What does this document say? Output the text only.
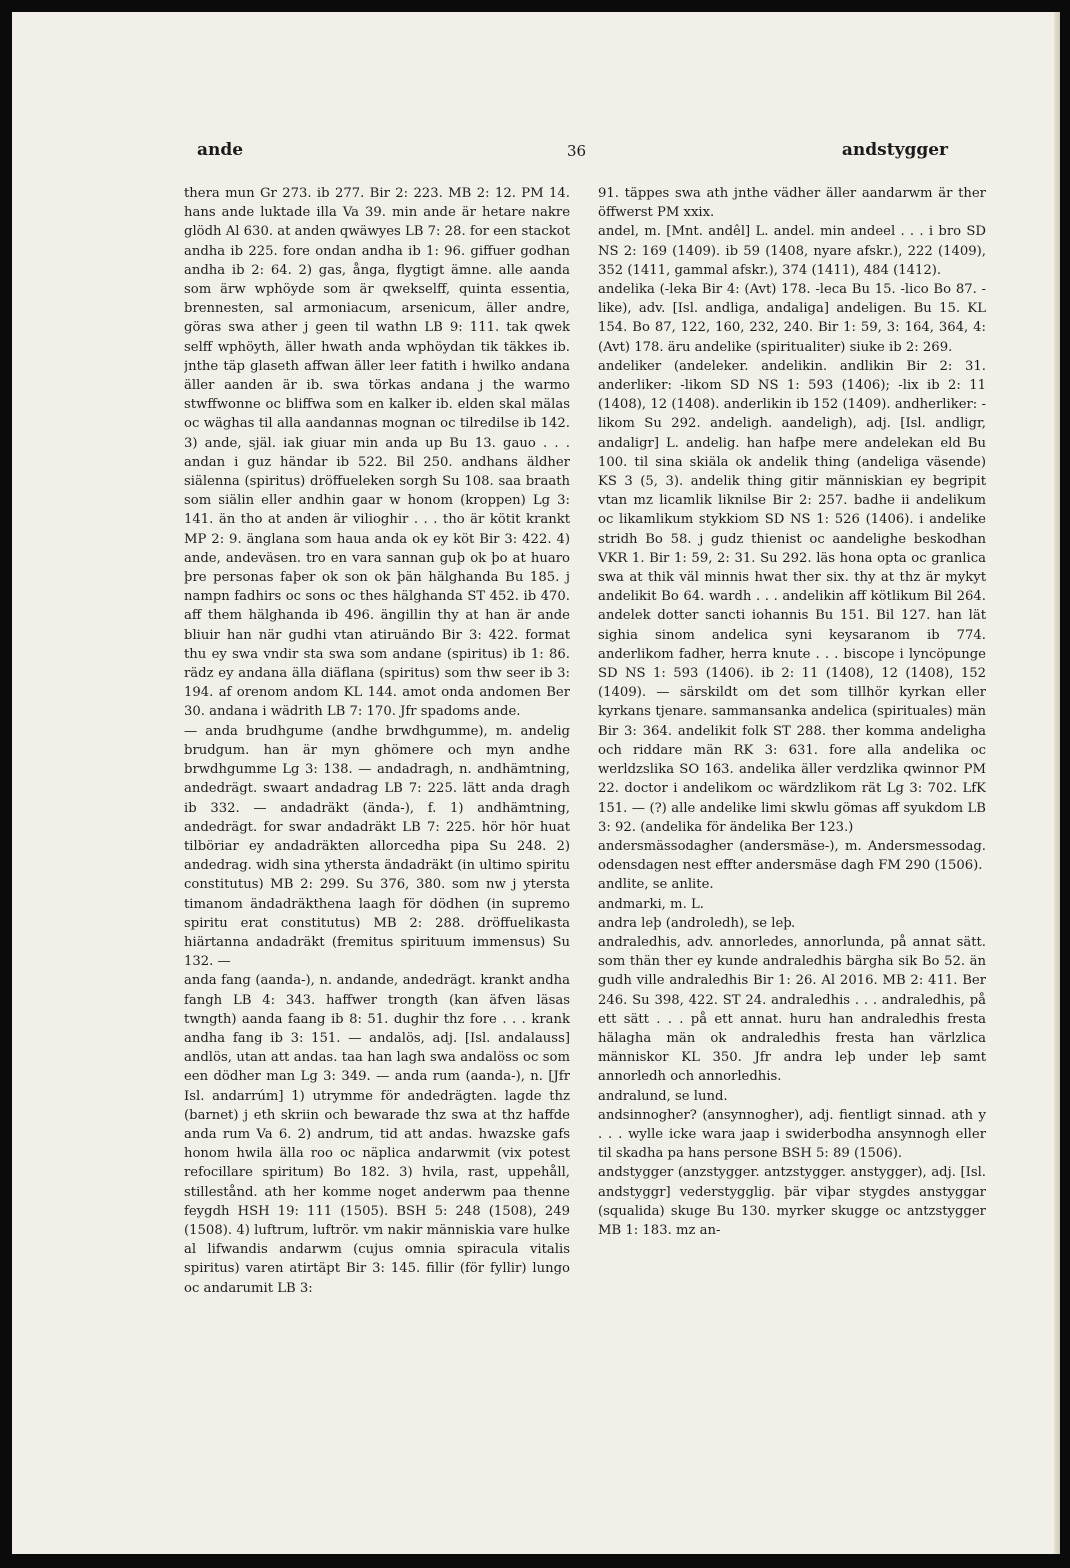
ande	36	andstygger

thera mun Gr 273. ib 277. Bir 2: 223. MB 2: 12. PM 14. hans ande luktade illa Va 39. min ande är hetare nakre glödh Al 630. at anden qwäwyes LB 7: 28. for een stackot andha ib 225. fore ondan andha ib 1: 96. giffuer godhan andha ib 2: 64. 2) gas, ånga, flygtigt ämne. alle aanda som ärw wphöyde som är qwekselff, quinta essentia, brennesten, sal armoniacum, arsenicum, äller andre, göras swa ather j geen til wathn LB 9: 111. tak qwek selff wphöyth, äller hwath anda wphöydan tik täkkes ib. jnthe täp glaseth affwan äller leer fatith i hwilko andana äller aanden är ib. swa törkas andana j the warmo stwffwonne oc bliffwa som en kalker ib. elden skal mälas oc wäghas til alla aandannas mognan oc tilredilse ib 142. 3) ande, själ. iak giuar min anda up Bu 13. gauo . . . andan i guz händar ib 522. Bil 250. andhans äldher siälenna (spiritus) dröffueleken sorgh Su 108. saa braath som siälin eller andhin gaar w honom (kroppen) Lg 3: 141. än tho at anden är vilioghir . . . tho är kötit krankt MP 2: 9. änglana som haua anda ok ey köt Bir 3: 422. 4) ande, andeväsen. tro en vara sannan guþ ok þo at huaro þre personas faþer ok son ok þän hälghanda Bu 185. j nampn fadhirs oc sons oc thes hälghanda ST 452. ib 470. aff them hälghanda ib 496. ängillin thy at han är ande bliuir han när gudhi vtan atiruändo Bir 3: 422. format thu ey swa vndir sta swa som andane (spiritus) ib 1: 86. rädz ey andana älla diäflana (spiritus) som thw seer ib 3: 194. af orenom andom KL 144. amot onda andomen Ber 30. andana i wädrith LB 7: 170. Jfr spadoms ande.

— anda brudhgume (andhe brwdhgumme), m. andelig brudgum. han är myn ghömere och myn andhe brwdhgumme Lg 3: 138. — andadragh, n. andhämtning, andedrägt. swaart andadrag LB 7: 225. lätt anda dragh ib 332. — andadräkt (ända-), f. 1) andhämtning, andedrägt. for swar andadräkt LB 7: 225. hör hör huat tilböriar ey andadräkten allorcedha pipa Su 248. 2) andedrag. widh sina ythersta ändadräkt (in ultimo spiritu constitutus) MB 2: 299. Su 376, 380. som nw j ytersta timanom ändadräkthena laagh för dödhen (in supremo spiritu erat constitutus) MB 2: 288. dröffuelikasta hiärtanna andadräkt (fremitus spirituum immensus) Su 132. —

anda fang (aanda-), n. andande, andedrägt. krankt andha fangh LB 4: 343. haffwer trongth (kan äfven läsas twngth) aanda faang ib 8: 51. dughir thz fore . . . krank andha fang ib 3: 151. — andalös, adj. [Isl. andalauss] andlös, utan att andas. taa han lagh swa andalöss oc som een dödher man Lg 3: 349. — anda rum (aanda-), n. [Jfr Isl. andarrúm] 1) utrymme för andedrägten. lagde thz (barnet) j eth skriin och bewarade thz swa at thz haffde anda rum Va 6. 2) andrum, tid att andas. hwazske gafs honom hwila älla roo oc näplica andarwmit (vix potest refocillare spiritum) Bo 182. 3) hvila, rast, uppehåll, stillestånd. ath her komme noget anderwm paa thenne feygdh HSH 19: 111 (1505). BSH 5: 248 (1508), 249 (1508). 4) luftrum, luftrör. vm nakir människia vare hulke al lifwandis andarwm (cujus omnia spiracula vitalis spiritus) varen atirtäpt Bir 3: 145. fillir (för fyllir) lungo oc andarumit LB 3:

91. täppes swa ath jnthe vädher äller aandarwm är ther öffwerst PM xxix.

andel, m. [Mnt. andêl] L. andel. min andeel . . . i bro SD NS 2: 169 (1409). ib 59 (1408, nyare afskr.), 222 (1409), 352 (1411, gammal afskr.), 374 (1411), 484 (1412).

andelika (-leka Bir 4: (Avt) 178. -leca Bu 15. -lico Bo 87. -like), adv. [Isl. andliga, andaliga] andeligen. Bu 15. KL 154. Bo 87, 122, 160, 232, 240. Bir 1: 59, 3: 164, 364, 4: (Avt) 178. äru andelike (spiritualiter) siuke ib 2: 269.

andeliker (andeleker. andelikin. andlikin Bir 2: 31. anderliker: -likom SD NS 1: 593 (1406); -lix ib 2: 11 (1408), 12 (1408). anderlikin ib 152 (1409). andherliker: -likom Su 292. andeligh. aandeligh), adj. [Isl. andligr, andaligr] L. andelig. han hafþe mere andelekan eld Bu 100. til sina skiäla ok andelik thing (andeliga väsende) KS 3 (5, 3). andelik thing gitir människian ey begripit vtan mz licamlik liknilse Bir 2: 257. badhe ii andelikum oc likamlikum stykkiom SD NS 1: 526 (1406). i andelike stridh Bo 58. j gudz thienist oc aandelighe beskodhan VKR 1. Bir 1: 59, 2: 31. Su 292. läs hona opta oc granlica swa at thik väl minnis hwat ther six. thy at thz är mykyt andelikit Bo 64. wardh . . . andelikin aff kötlikum Bil 264. andelek dotter sancti iohannis Bu 151. Bil 127. han lät sighia sinom andelica syni keysaranom ib 774. anderlikom fadher, herra knute . . . biscope i lyncöpunge SD NS 1: 593 (1406). ib 2: 11 (1408), 12 (1408), 152 (1409). — särskildt om det som tillhör kyrkan eller kyrkans tjenare. sammansanka andelica (spirituales) män Bir 3: 364. andelikit folk ST 288. ther komma andeligha och riddare män RK 3: 631. fore alla andelika oc werldzslika SO 163. andelika äller verdzlika qwinnor PM 22. doctor i andelikom oc wärdzlikom rät Lg 3: 702. LfK 151. — (?) alle andelike limi skwlu gömas aff syukdom LB 3: 92. (andelika för ändelika Ber 123.)

andersmässodagher (andersmäse-), m. Andersmessodag. odensdagen nest effter andersmäse dagh FM 290 (1506).

andlite, se anlite.

andmarki, m. L.

andra leþ (androledh), se leþ.

andraledhis, adv. annorledes, annorlunda, på annat sätt. som thän ther ey kunde andraledhis bärgha sik Bo 52. än gudh ville andraledhis Bir 1: 26. Al 2016. MB 2: 411. Ber 246. Su 398, 422. ST 24. andraledhis . . . andraledhis, på ett sätt . . . på ett annat. huru han andraledhis fresta hälagha män ok andraledhis fresta han värlzlica människor KL 350. Jfr andra leþ under leþ samt annorledh och annorledhis.

andralund, se lund.

andsinnogher? (ansynnogher), adj. fientligt sinnad. ath y . . . wylle icke wara jaap i swiderbodha ansynnogh eller til skadha pa hans persone BSH 5: 89 (1506).

andstygger (anzstygger. antzstygger. anstygger), adj. [Isl. andstyggr] vederstygglig. þär viþar stygdes anstyggar (squalida) skuge Bu 130. myrker skugge oc antzstygger MB 1: 183. mz an-
